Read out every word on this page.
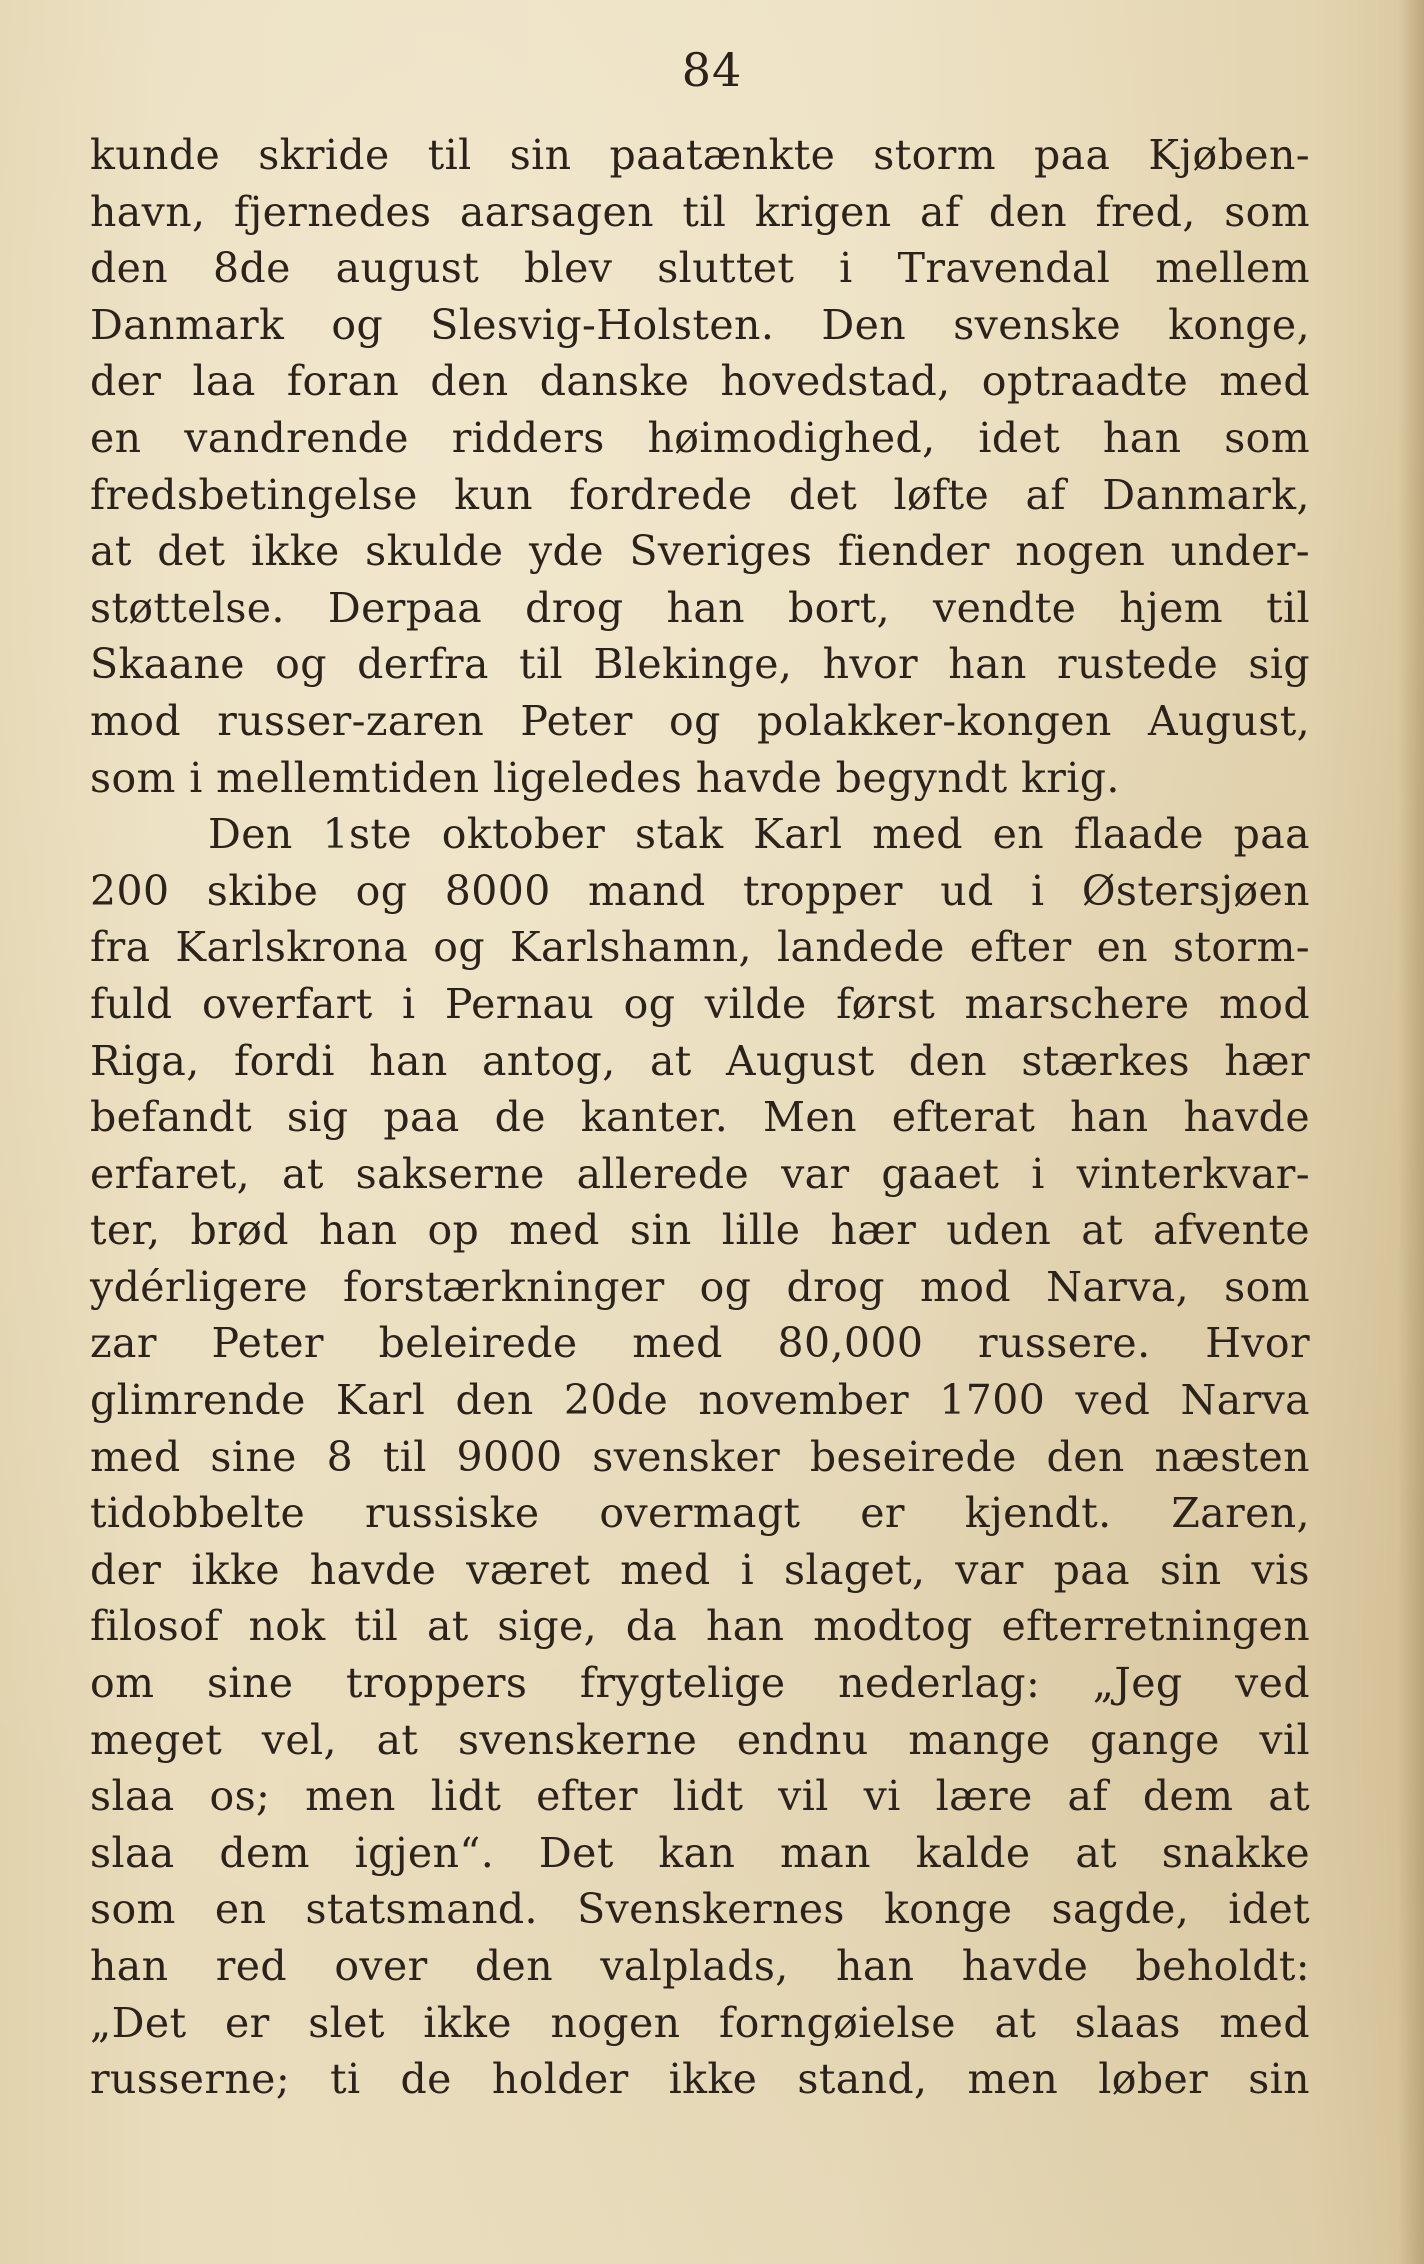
84
kunde skride til sin paatænkte storm paa Kjøben-
havn, fjernedes aarsagen til krigen af den fred, som
den 8de august blev sluttet i Travendal mellem
Danmark og Slesvig-Holsten. Den svenske konge,
der laa foran den danske hovedstad, optraadte med
en vandrende ridders høimodighed, idet han som
fredsbetingelse kun fordrede det løfte af Danmark,
at det ikke skulde yde Sveriges fiender nogen under-
støttelse. Derpaa drog han bort, vendte hjem til
Skaane og derfra til Blekinge, hvor han rustede sig
mod russer-zaren Peter og polakker-kongen August,
som i mellemtiden ligeledes havde begyndt krig.
Den 1ste oktober stak Karl med en flaade paa
200 skibe og 8000 mand tropper ud i Østersjøen
fra Karlskrona og Karlshamn, landede efter en storm-
fuld overfart i Pernau og vilde først marschere mod
Riga, fordi han antog, at August den stærkes hær
befandt sig paa de kanter. Men efterat han havde
erfaret, at sakserne allerede var gaaet i vinterkvar-
ter, brød han op med sin lille hær uden at afvente
ydérligere forstærkninger og drog mod Narva, som
zar Peter beleirede med 80,000 russere. Hvor
glimrende Karl den 20de november 1700 ved Narva
med sine 8 til 9000 svensker beseirede den næsten
tidobbelte russiske overmagt er kjendt. Zaren,
der ikke havde været med i slaget, var paa sin vis
filosof nok til at sige, da han modtog efterretningen
om sine troppers frygtelige nederlag: „Jeg ved
meget vel, at svenskerne endnu mange gange vil
slaa os; men lidt efter lidt vil vi lære af dem at
slaa dem igjen“. Det kan man kalde at snakke
som en statsmand. Svenskernes konge sagde, idet
han red over den valplads, han havde beholdt:
„Det er slet ikke nogen forngøielse at slaas med
russerne; ti de holder ikke stand, men løber sin
